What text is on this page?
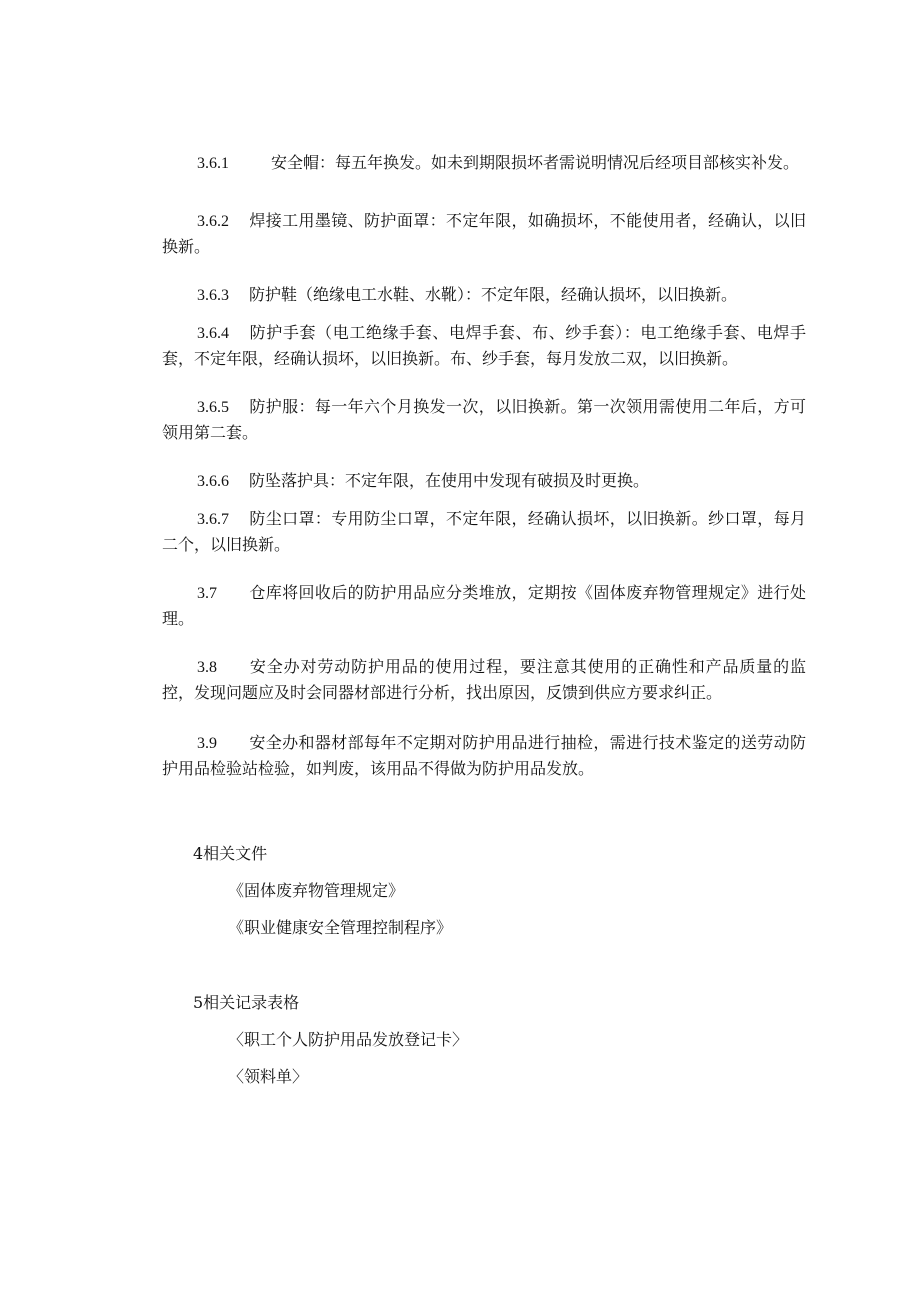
3.6.1	安全帽：每五年换发。如未到期限损坏者需说明情况后经项目部核实补发。
3.6.2 焊接工用墨镜、防护面罩：不定年限，如确损坏，不能使用者，经确认，以旧换新。
3.6.3 防护鞋（绝缘电工水鞋、水靴）：不定年限，经确认损坏，以旧换新。
3.6.4 防护手套（电工绝缘手套、电焊手套、布、纱手套）：电工绝缘手套、电焊手套，不定年限，经确认损坏，以旧换新。布、纱手套，每月发放二双，以旧换新。
3.6.5 防护服：每一年六个月换发一次，以旧换新。第一次领用需使用二年后，方可领用第二套。
3.6.6 防坠落护具：不定年限，在使用中发现有破损及时更换。
3.6.7 防尘口罩：专用防尘口罩，不定年限，经确认损坏，以旧换新。纱口罩，每月二个，以旧换新。
3.7 仓库将回收后的防护用品应分类堆放，定期按《固体废弃物管理规定》进行处理。
3.8 安全办对劳动防护用品的使用过程，要注意其使用的正确性和产品质量的监控，发现问题应及时会同器材部进行分析，找出原因，反馈到供应方要求纠正。
3.9 安全办和器材部每年不定期对防护用品进行抽检，需进行技术鉴定的送劳动防护用品检验站检验，如判废，该用品不得做为防护用品发放。
4相关文件
《固体废弃物管理规定》
《职业健康安全管理控制程序》
5相关记录表格
〈职工个人防护用品发放登记卡〉
〈领料单〉
